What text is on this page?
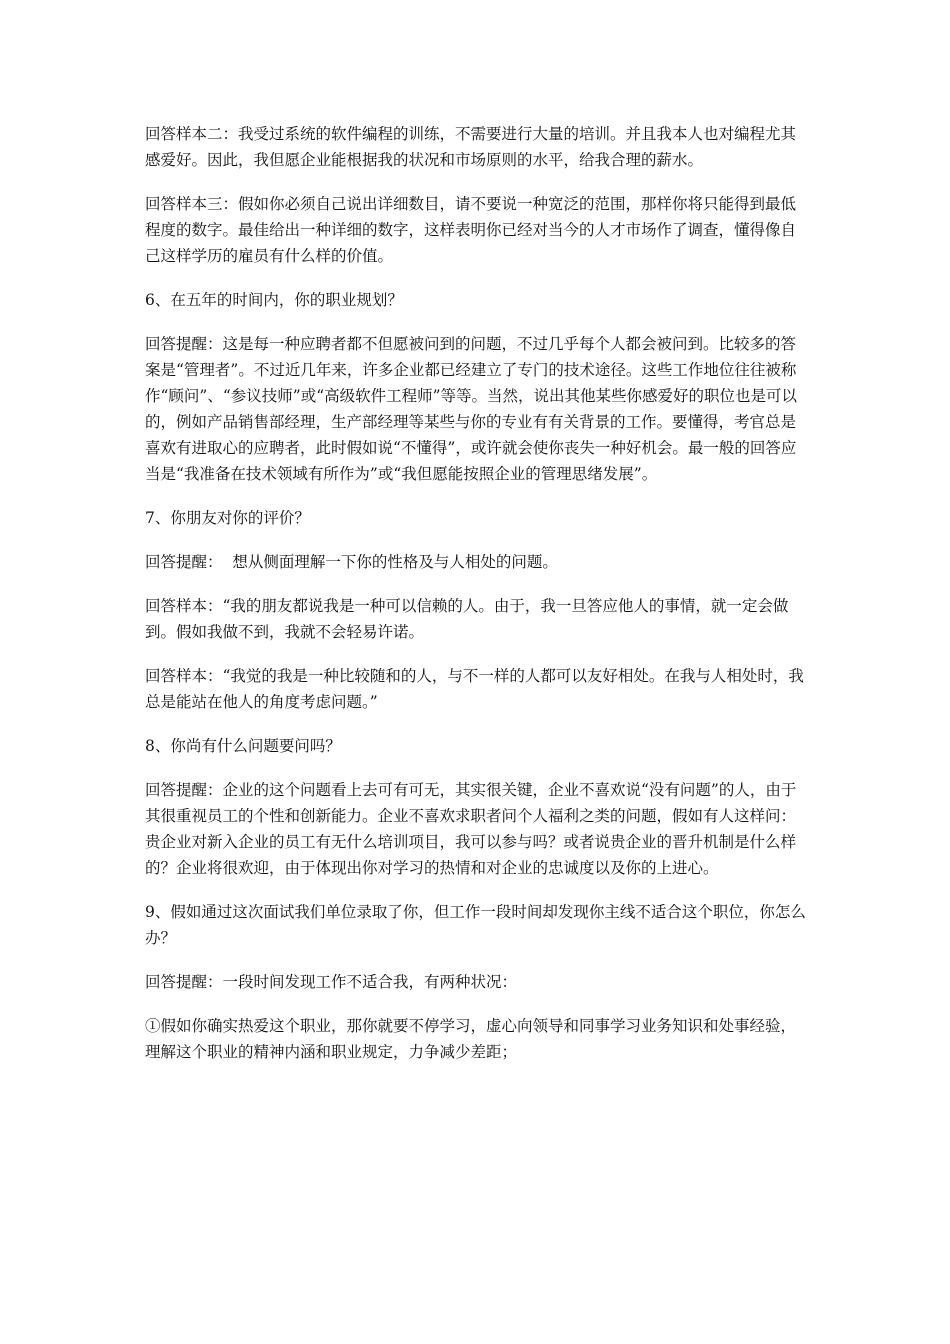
回答样本二：我受过系统的软件编程的训练，不需要进行大量的培训。并且我本人也对编程尤其感爱好。因此，我但愿企业能根据我的状况和市场原则的水平，给我合理的薪水。

回答样本三：假如你必须自己说出详细数目，请不要说一种宽泛的范围，那样你将只能得到最低程度的数字。最佳给出一种详细的数字，这样表明你已经对当今的人才市场作了调查，懂得像自己这样学历的雇员有什么样的价值。

6、在五年的时间内，你的职业规划？

回答提醒：这是每一种应聘者都不但愿被问到的问题，不过几乎每个人都会被问到。比较多的答案是“管理者”。不过近几年来，许多企业都已经建立了专门的技术途径。这些工作地位往往被称作“顾问”、“参议技师”或“高级软件工程师”等等。当然，说出其他某些你感爱好的职位也是可以的，例如产品销售部经理，生产部经理等某些与你的专业有有关背景的工作。要懂得，考官总是喜欢有进取心的应聘者，此时假如说“不懂得”，或许就会使你丧失一种好机会。最一般的回答应当是“我准备在技术领域有所作为”或“我但愿能按照企业的管理思绪发展”。

7、你朋友对你的评价？

回答提醒：  想从侧面理解一下你的性格及与人相处的问题。

回答样本：“我的朋友都说我是一种可以信赖的人。由于，我一旦答应他人的事情，就一定会做到。假如我做不到，我就不会轻易许诺。

回答样本：“我觉的我是一种比较随和的人，与不一样的人都可以友好相处。在我与人相处时，我总是能站在他人的角度考虑问题。”

8、你尚有什么问题要问吗？

回答提醒：企业的这个问题看上去可有可无，其实很关键，企业不喜欢说“没有问题”的人，由于其很重视员工的个性和创新能力。企业不喜欢求职者问个人福利之类的问题，假如有人这样问：贵企业对新入企业的员工有无什么培训项目，我可以参与吗？或者说贵企业的晋升机制是什么样的？企业将很欢迎，由于体现出你对学习的热情和对企业的忠诚度以及你的上进心。

9、假如通过这次面试我们单位录取了你，但工作一段时间却发现你主线不适合这个职位，你怎么办？

回答提醒：一段时间发现工作不适合我，有两种状况：

①假如你确实热爱这个职业，那你就要不停学习，虚心向领导和同事学习业务知识和处事经验，理解这个职业的精神内涵和职业规定，力争减少差距；
